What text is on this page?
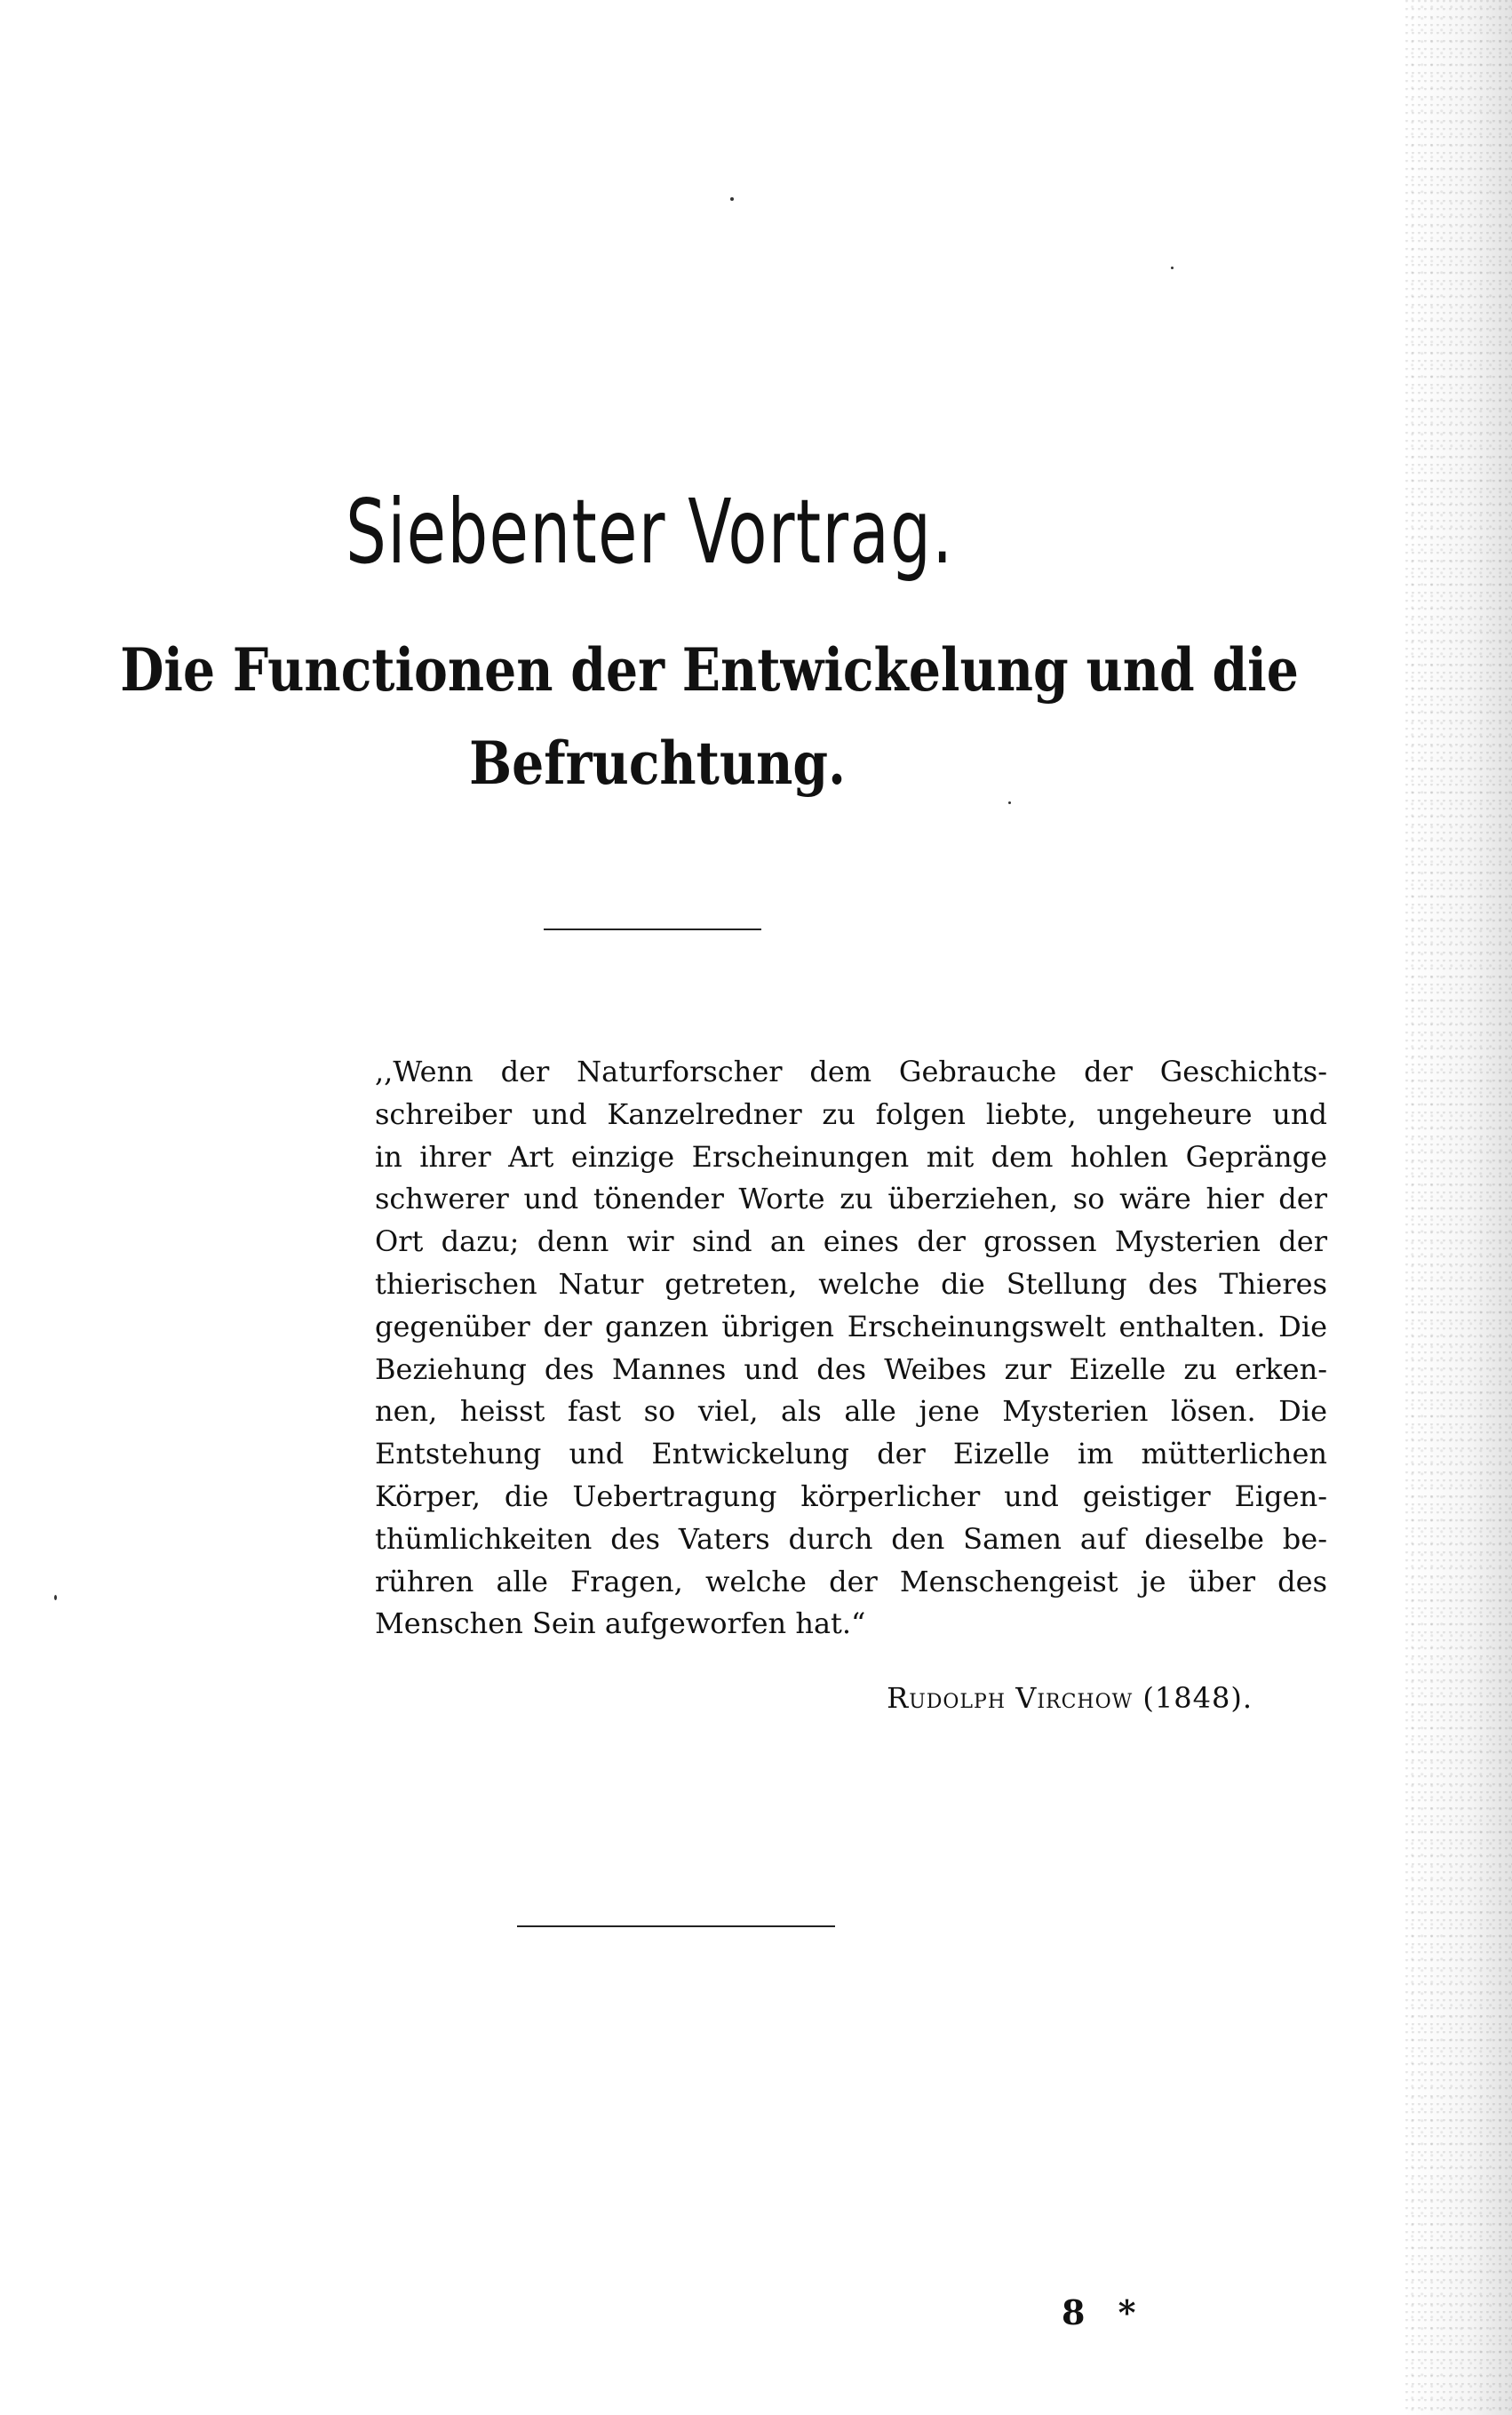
Siebenter Vortrag.
Die Functionen der Entwickelung und die
Befruchtung.
,,Wenn der Naturforscher dem Gebrauche der Geschichts-
schreiber und Kanzelredner zu folgen liebte, ungeheure und
in ihrer Art einzige Erscheinungen mit dem hohlen Gepränge
schwerer und tönender Worte zu überziehen, so wäre hier der
Ort dazu; denn wir sind an eines der grossen Mysterien der
thierischen Natur getreten, welche die Stellung des Thieres
gegenüber der ganzen übrigen Erscheinungswelt enthalten. Die
Beziehung des Mannes und des Weibes zur Eizelle zu erken-
nen, heisst fast so viel, als alle jene Mysterien lösen. Die
Entstehung und Entwickelung der Eizelle im mütterlichen
Körper, die Uebertragung körperlicher und geistiger Eigen-
thümlichkeiten des Vaters durch den Samen auf dieselbe be-
rühren alle Fragen, welche der Menschengeist je über des
Menschen Sein aufgeworfen hat.“
Rudolph Virchow (1848).
8 *
